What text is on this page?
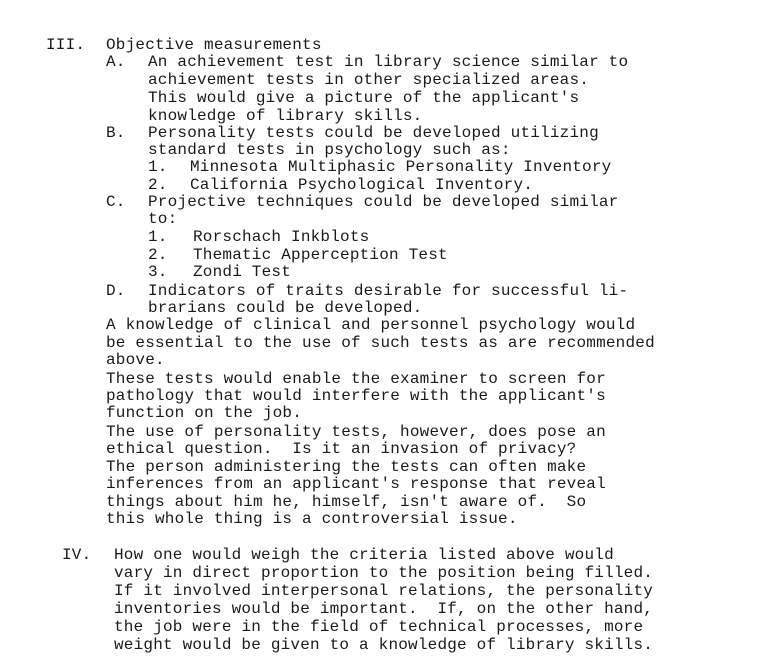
III. Objective measurements
A. An achievement test in library science similar to
achievement tests in other specialized areas.
This would give a picture of the applicant's
knowledge of library skills.
B. Personality tests could be developed utilizing
standard tests in psychology such as:
1. Minnesota Multiphasic Personality Inventory
2. California Psychological Inventory.
C. Projective techniques could be developed similar
to:
1. Rorschach Inkblots
2. Thematic Apperception Test
3. Zondi Test
D. Indicators of traits desirable for successful li-
brarians could be developed.
A knowledge of clinical and personnel psychology would
be essential to the use of such tests as are recommended
above.
These tests would enable the examiner to screen for
pathology that would interfere with the applicant's
function on the job.
The use of personality tests, however, does pose an
ethical question.  Is it an invasion of privacy?
The person administering the tests can often make
inferences from an applicant's response that reveal
things about him he, himself, isn't aware of.  So
this whole thing is a controversial issue.
IV. How one would weigh the criteria listed above would
vary in direct proportion to the position being filled.
If it involved interpersonal relations, the personality
inventories would be important.  If, on the other hand,
the job were in the field of technical processes, more
weight would be given to a knowledge of library skills.
